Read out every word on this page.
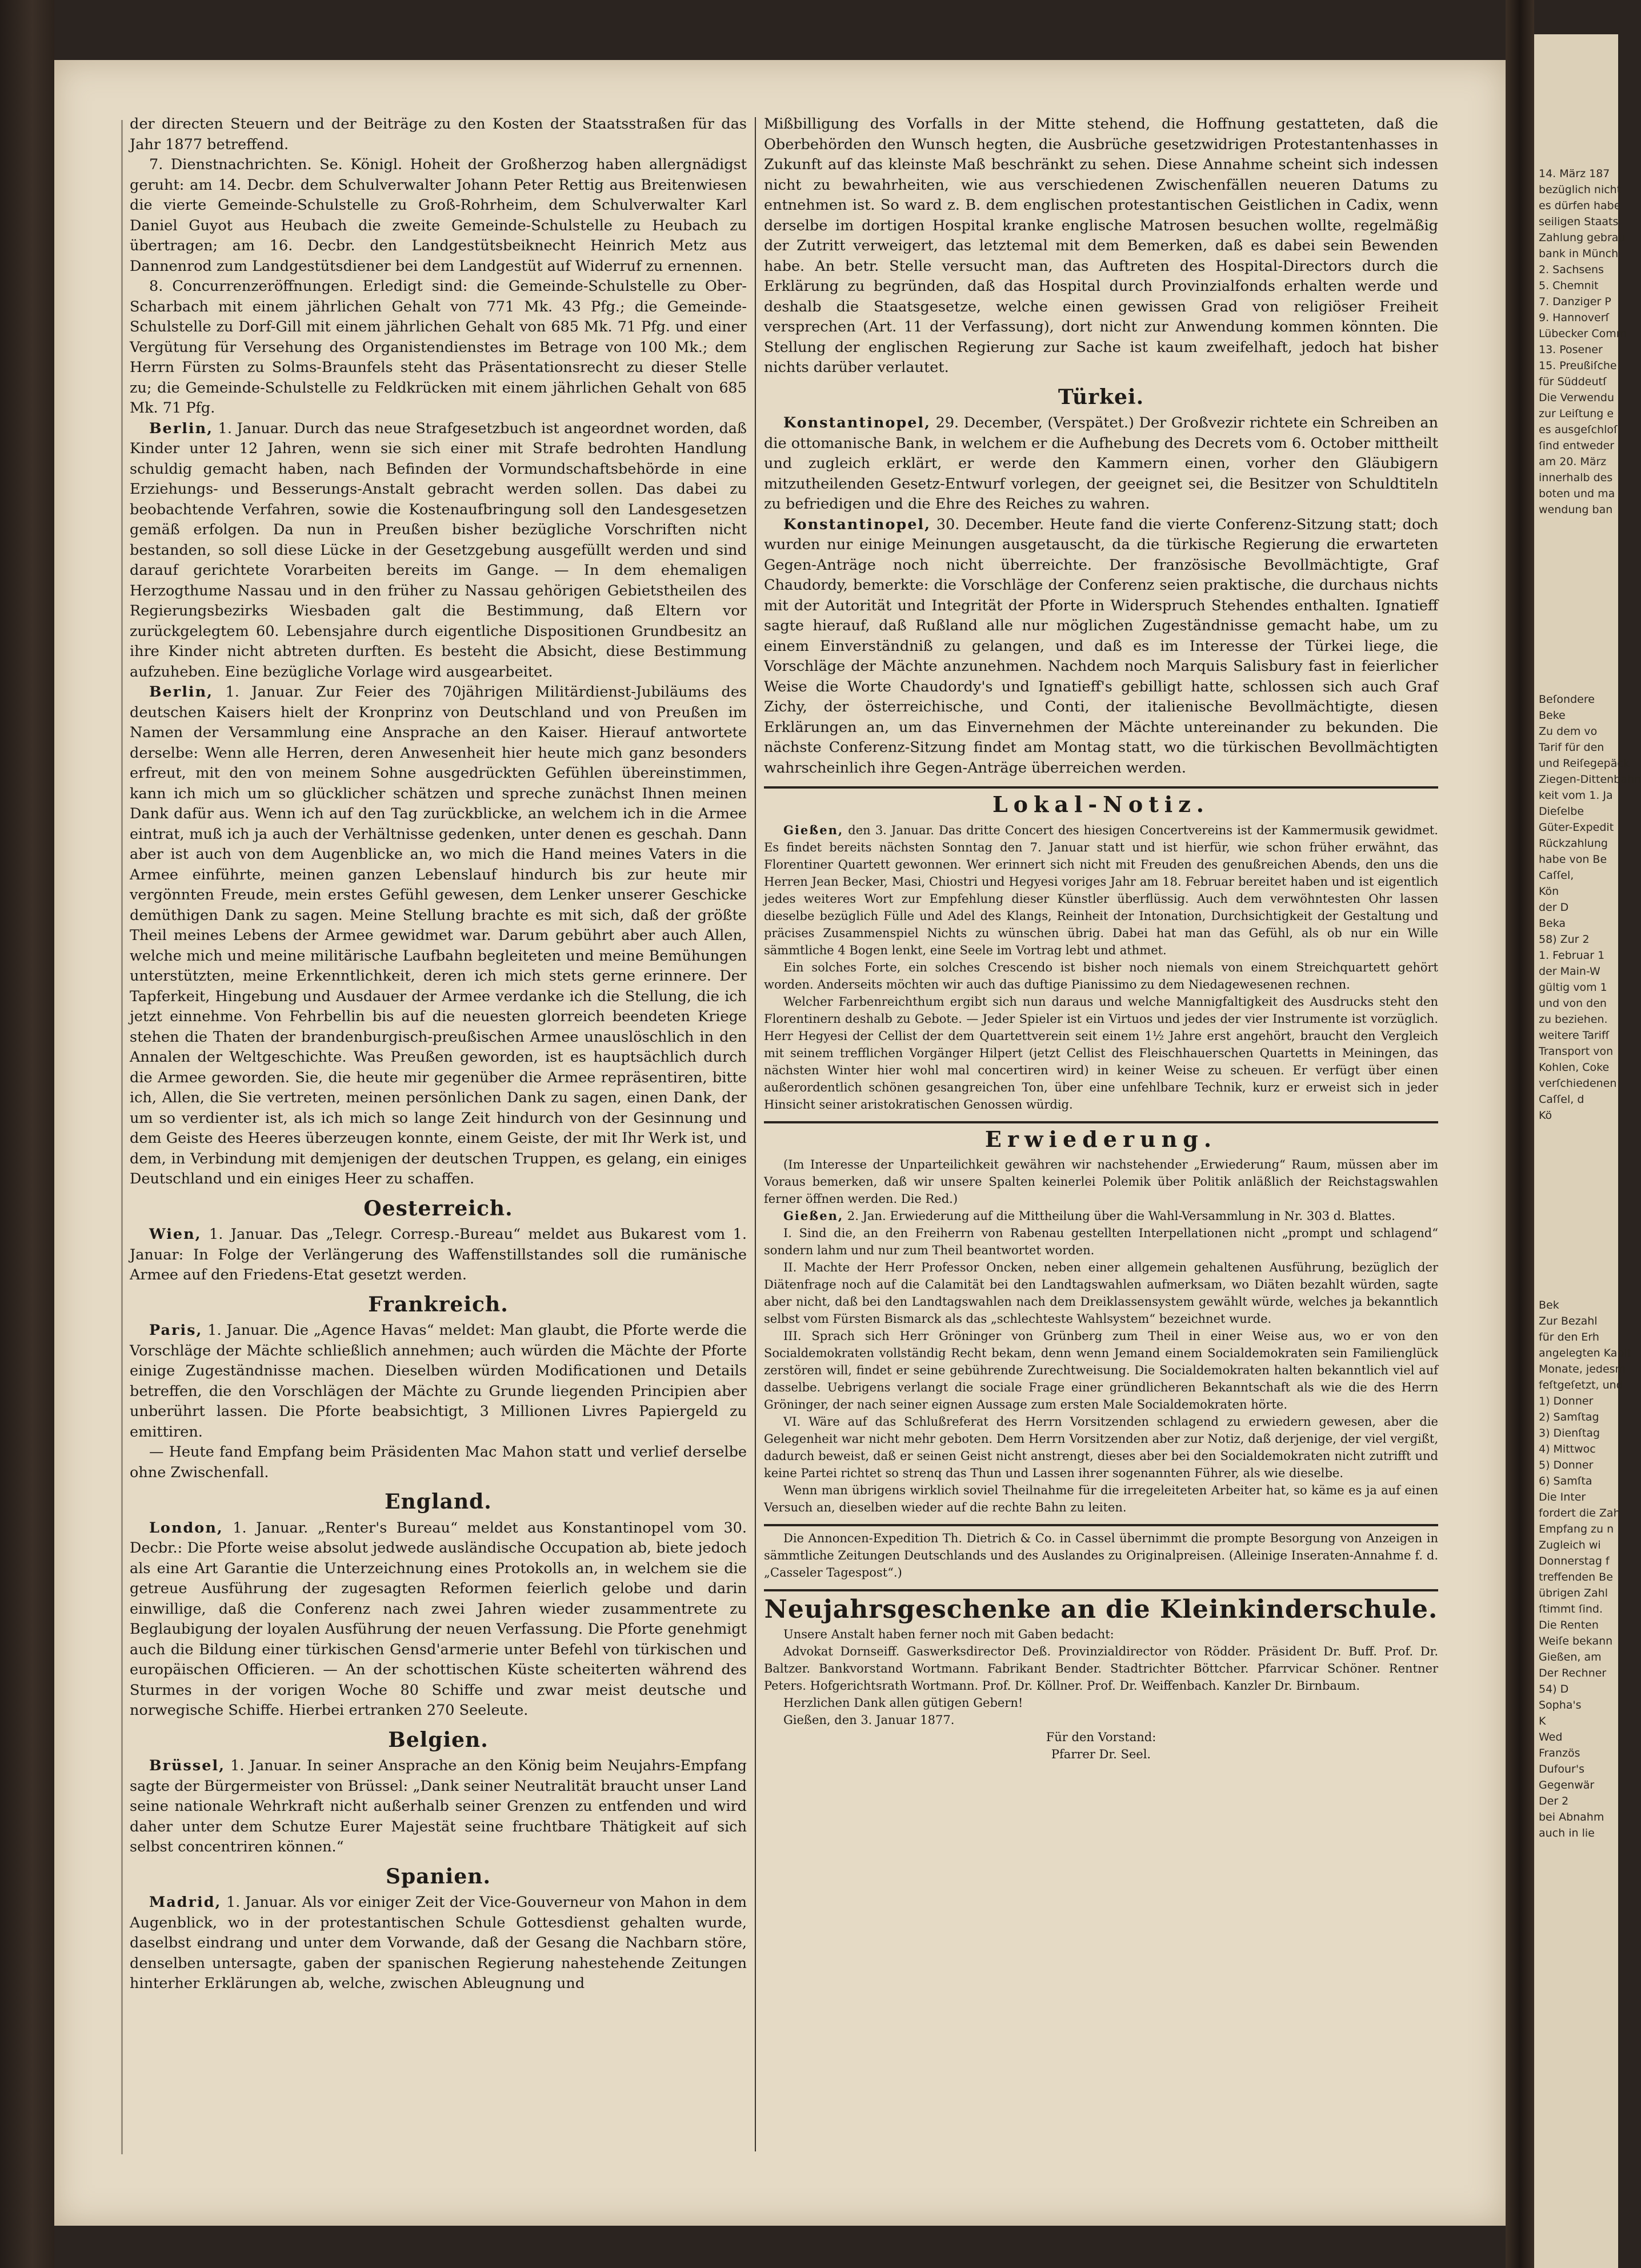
der directen Steuern und der Beiträge zu den Kosten der Staatsstraßen für das Jahr 1877 betreffend.

7. Dienstnachrichten. Se. Königl. Hoheit der Großherzog haben allergnädigst geruht: am 14. Decbr. dem Schulverwalter Johann Peter Rettig aus Breitenwiesen die vierte Gemeinde-Schulstelle zu Groß-Rohrheim, dem Schulverwalter Karl Daniel Guyot aus Heubach die zweite Gemeinde-Schulstelle zu Heubach zu übertragen; am 16. Decbr. den Landgestütsbeiknecht Heinrich Metz aus Dannenrod zum Landgestütsdiener bei dem Landgestüt auf Widerruf zu ernennen.

8. Concurrenzeröffnungen. Erledigt sind: die Gemeinde-Schulstelle zu Ober-Scharbach mit einem jährlichen Gehalt von 771 Mk. 43 Pfg.; die Gemeinde-Schulstelle zu Dorf-Gill mit einem jährlichen Gehalt von 685 Mk. 71 Pfg. und einer Vergütung für Versehung des Organistendienstes im Betrage von 100 Mk.; dem Herrn Fürsten zu Solms-Braunfels steht das Präsentationsrecht zu dieser Stelle zu; die Gemeinde-Schulstelle zu Feldkrücken mit einem jährlichen Gehalt von 685 Mk. 71 Pfg.

Berlin, 1. Januar. Durch das neue Strafgesetzbuch ist angeordnet worden, daß Kinder unter 12 Jahren, wenn sie sich einer mit Strafe bedrohten Handlung schuldig gemacht haben, nach Befinden der Vormundschaftsbehörde in eine Erziehungs- und Besserungs-Anstalt gebracht werden sollen. Das dabei zu beobachtende Verfahren, sowie die Kostenaufbringung soll den Landesgesetzen gemäß erfolgen. Da nun in Preußen bisher bezügliche Vorschriften nicht bestanden, so soll diese Lücke in der Gesetzgebung ausgefüllt werden und sind darauf gerichtete Vorarbeiten bereits im Gange. — In dem ehemaligen Herzogthume Nassau und in den früher zu Nassau gehörigen Gebietstheilen des Regierungsbezirks Wiesbaden galt die Bestimmung, daß Eltern vor zurückgelegtem 60. Lebensjahre durch eigentliche Dispositionen Grundbesitz an ihre Kinder nicht abtreten durften. Es besteht die Absicht, diese Bestimmung aufzuheben. Eine bezügliche Vorlage wird ausgearbeitet.

Berlin, 1. Januar. Zur Feier des 70jährigen Militärdienst-Jubiläums des deutschen Kaisers hielt der Kronprinz von Deutschland und von Preußen im Namen der Versammlung eine Ansprache an den Kaiser. Hierauf antwortete derselbe: Wenn alle Herren, deren Anwesenheit hier heute mich ganz besonders erfreut, mit den von meinem Sohne ausgedrückten Gefühlen übereinstimmen, kann ich mich um so glücklicher schätzen und spreche zunächst Ihnen meinen Dank dafür aus. Wenn ich auf den Tag zurückblicke, an welchem ich in die Armee eintrat, muß ich ja auch der Verhältnisse gedenken, unter denen es geschah. Dann aber ist auch von dem Augenblicke an, wo mich die Hand meines Vaters in die Armee einführte, meinen ganzen Lebenslauf hindurch bis zur heute mir vergönnten Freude, mein erstes Gefühl gewesen, dem Lenker unserer Geschicke demüthigen Dank zu sagen. Meine Stellung brachte es mit sich, daß der größte Theil meines Lebens der Armee gewidmet war. Darum gebührt aber auch Allen, welche mich und meine militärische Laufbahn begleiteten und meine Bemühungen unterstützten, meine Erkenntlichkeit, deren ich mich stets gerne erinnere. Der Tapferkeit, Hingebung und Ausdauer der Armee verdanke ich die Stellung, die ich jetzt einnehme. Von Fehrbellin bis auf die neuesten glorreich beendeten Kriege stehen die Thaten der brandenburgisch-preußischen Armee unauslöschlich in den Annalen der Weltgeschichte. Was Preußen geworden, ist es hauptsächlich durch die Armee geworden. Sie, die heute mir gegenüber die Armee repräsentiren, bitte ich, Allen, die Sie vertreten, meinen persönlichen Dank zu sagen, einen Dank, der um so verdienter ist, als ich mich so lange Zeit hindurch von der Gesinnung und dem Geiste des Heeres überzeugen konnte, einem Geiste, der mit Ihr Werk ist, und dem, in Verbindung mit demjenigen der deutschen Truppen, es gelang, ein einiges Deutschland und ein einiges Heer zu schaffen.

Oesterreich.

Wien, 1. Januar. Das „Telegr. Corresp.-Bureau“ meldet aus Bukarest vom 1. Januar: In Folge der Verlängerung des Waffenstillstandes soll die rumänische Armee auf den Friedens-Etat gesetzt werden.

Frankreich.

Paris, 1. Januar. Die „Agence Havas“ meldet: Man glaubt, die Pforte werde die Vorschläge der Mächte schließlich annehmen; auch würden die Mächte der Pforte einige Zugeständnisse machen. Dieselben würden Modificationen und Details betreffen, die den Vorschlägen der Mächte zu Grunde liegenden Principien aber unberührt lassen. Die Pforte beabsichtigt, 3 Millionen Livres Papiergeld zu emittiren.

— Heute fand Empfang beim Präsidenten Mac Mahon statt und verlief derselbe ohne Zwischenfall.

England.

London, 1. Januar. „Renter's Bureau“ meldet aus Konstantinopel vom 30. Decbr.: Die Pforte weise absolut jedwede ausländische Occupation ab, biete jedoch als eine Art Garantie die Unterzeichnung eines Protokolls an, in welchem sie die getreue Ausführung der zugesagten Reformen feierlich gelobe und darin einwillige, daß die Conferenz nach zwei Jahren wieder zusammentrete zu Beglaubigung der loyalen Ausführung der neuen Verfassung. Die Pforte genehmigt auch die Bildung einer türkischen Gensd'armerie unter Befehl von türkischen und europäischen Officieren. — An der schottischen Küste scheiterten während des Sturmes in der vorigen Woche 80 Schiffe und zwar meist deutsche und norwegische Schiffe. Hierbei ertranken 270 Seeleute.

Belgien.

Brüssel, 1. Januar. In seiner Ansprache an den König beim Neujahrs-Empfang sagte der Bürgermeister von Brüssel: „Dank seiner Neutralität braucht unser Land seine nationale Wehrkraft nicht außerhalb seiner Grenzen zu entfenden und wird daher unter dem Schutze Eurer Majestät seine fruchtbare Thätigkeit auf sich selbst concentriren können.“

Spanien.

Madrid, 1. Januar. Als vor einiger Zeit der Vice-Gouverneur von Mahon in dem Augenblick, wo in der protestantischen Schule Gottesdienst gehalten wurde, daselbst eindrang und unter dem Vorwande, daß der Gesang die Nachbarn störe, denselben untersagte, gaben der spanischen Regierung nahestehende Zeitungen hinterher Erklärungen ab, welche, zwischen Ableugnung und

Mißbilligung des Vorfalls in der Mitte stehend, die Hoffnung gestatteten, daß die Oberbehörden den Wunsch hegten, die Ausbrüche gesetzwidrigen Protestantenhasses in Zukunft auf das kleinste Maß beschränkt zu sehen. Diese Annahme scheint sich indessen nicht zu bewahrheiten, wie aus verschiedenen Zwischenfällen neueren Datums zu entnehmen ist. So ward z. B. dem englischen protestantischen Geistlichen in Cadix, wenn derselbe im dortigen Hospital kranke englische Matrosen besuchen wollte, regelmäßig der Zutritt verweigert, das letztemal mit dem Bemerken, daß es dabei sein Bewenden habe. An betr. Stelle versucht man, das Auftreten des Hospital-Directors durch die Erklärung zu begründen, daß das Hospital durch Provinzialfonds erhalten werde und deshalb die Staatsgesetze, welche einen gewissen Grad von religiöser Freiheit versprechen (Art. 11 der Verfassung), dort nicht zur Anwendung kommen könnten. Die Stellung der englischen Regierung zur Sache ist kaum zweifelhaft, jedoch hat bisher nichts darüber verlautet.

Türkei.

Konstantinopel, 29. December, (Verspätet.) Der Großvezir richtete ein Schreiben an die ottomanische Bank, in welchem er die Aufhebung des Decrets vom 6. October mittheilt und zugleich erklärt, er werde den Kammern einen, vorher den Gläubigern mitzutheilenden Gesetz-Entwurf vorlegen, der geeignet sei, die Besitzer von Schuldtiteln zu befriedigen und die Ehre des Reiches zu wahren.

Konstantinopel, 30. December. Heute fand die vierte Conferenz-Sitzung statt; doch wurden nur einige Meinungen ausgetauscht, da die türkische Regierung die erwarteten Gegen-Anträge noch nicht überreichte. Der französische Bevollmächtigte, Graf Chaudordy, bemerkte: die Vorschläge der Conferenz seien praktische, die durchaus nichts mit der Autorität und Integrität der Pforte in Widerspruch Stehendes enthalten. Ignatieff sagte hierauf, daß Rußland alle nur möglichen Zugeständnisse gemacht habe, um zu einem Einverständniß zu gelangen, und daß es im Interesse der Türkei liege, die Vorschläge der Mächte anzunehmen. Nachdem noch Marquis Salisbury fast in feierlicher Weise die Worte Chaudordy's und Ignatieff's gebilligt hatte, schlossen sich auch Graf Zichy, der österreichische, und Conti, der italienische Bevollmächtigte, diesen Erklärungen an, um das Einvernehmen der Mächte untereinander zu bekunden. Die nächste Conferenz-Sitzung findet am Montag statt, wo die türkischen Bevollmächtigten wahrscheinlich ihre Gegen-Anträge überreichen werden.

Lokal-Notiz.

Gießen, den 3. Januar. Das dritte Concert des hiesigen Concertvereins ist der Kammermusik gewidmet. Es findet bereits nächsten Sonntag den 7. Januar statt und ist hierfür, wie schon früher erwähnt, das Florentiner Quartett gewonnen. Wer erinnert sich nicht mit Freuden des genußreichen Abends, den uns die Herren Jean Becker, Masi, Chiostri und Hegyesi voriges Jahr am 18. Februar bereitet haben und ist eigentlich jedes weiteres Wort zur Empfehlung dieser Künstler überflüssig. Auch dem verwöhntesten Ohr lassen dieselbe bezüglich Fülle und Adel des Klangs, Reinheit der Intonation, Durchsichtigkeit der Gestaltung und präcises Zusammenspiel Nichts zu wünschen übrig. Dabei hat man das Gefühl, als ob nur ein Wille sämmtliche 4 Bogen lenkt, eine Seele im Vortrag lebt und athmet.

Ein solches Forte, ein solches Crescendo ist bisher noch niemals von einem Streichquartett gehört worden. Anderseits möchten wir auch das duftige Pianissimo zu dem Niedagewesenen rechnen.

Welcher Farbenreichthum ergibt sich nun daraus und welche Mannigfaltigkeit des Ausdrucks steht den Florentinern deshalb zu Gebote. — Jeder Spieler ist ein Virtuos und jedes der vier Instrumente ist vorzüglich. Herr Hegyesi der Cellist der dem Quartettverein seit einem 1½ Jahre erst angehört, braucht den Vergleich mit seinem trefflichen Vorgänger Hilpert (jetzt Cellist des Fleischhauerschen Quartetts in Meiningen, das nächsten Winter hier wohl mal concertiren wird) in keiner Weise zu scheuen. Er verfügt über einen außerordentlich schönen gesangreichen Ton, über eine unfehlbare Technik, kurz er erweist sich in jeder Hinsicht seiner aristokratischen Genossen würdig.

Erwiederung.

(Im Interesse der Unparteilichkeit gewähren wir nachstehender „Erwiederung“ Raum, müssen aber im Voraus bemerken, daß wir unsere Spalten keinerlei Polemik über Politik anläßlich der Reichstagswahlen ferner öffnen werden. Die Red.)

Gießen, 2. Jan. Erwiederung auf die Mittheilung über die Wahl-Versammlung in Nr. 303 d. Blattes.

I. Sind die, an den Freiherrn von Rabenau gestellten Interpellationen nicht „prompt und schlagend“ sondern lahm und nur zum Theil beantwortet worden.

II. Machte der Herr Professor Oncken, neben einer allgemein gehaltenen Ausführung, bezüglich der Diätenfrage noch auf die Calamität bei den Landtagswahlen aufmerksam, wo Diäten bezahlt würden, sagte aber nicht, daß bei den Landtagswahlen nach dem Dreiklassensystem gewählt würde, welches ja bekanntlich selbst vom Fürsten Bismarck als das „schlechteste Wahlsystem“ bezeichnet wurde.

III. Sprach sich Herr Gröninger von Grünberg zum Theil in einer Weise aus, wo er von den Socialdemokraten vollständig Recht bekam, denn wenn Jemand einem Socialdemokraten sein Familienglück zerstören will, findet er seine gebührende Zurechtweisung. Die Socialdemokraten halten bekanntlich viel auf dasselbe. Uebrigens verlangt die sociale Frage einer gründlicheren Bekanntschaft als wie die des Herrn Gröninger, der nach seiner eignen Aussage zum ersten Male Socialdemokraten hörte.

VI. Wäre auf das Schlußreferat des Herrn Vorsitzenden schlagend zu erwiedern gewesen, aber die Gelegenheit war nicht mehr geboten. Dem Herrn Vorsitzenden aber zur Notiz, daß derjenige, der viel vergißt, dadurch beweist, daß er seinen Geist nicht anstrengt, dieses aber bei den Socialdemokraten nicht zutrifft und keine Partei richtet so strenq das Thun und Lassen ihrer sogenannten Führer, als wie dieselbe.

Wenn man übrigens wirklich soviel Theilnahme für die irregeleiteten Arbeiter hat, so käme es ja auf einen Versuch an, dieselben wieder auf die rechte Bahn zu leiten.

Die Annoncen-Expedition Th. Dietrich & Co. in Cassel übernimmt die prompte Besorgung von Anzeigen in sämmtliche Zeitungen Deutschlands und des Auslandes zu Originalpreisen. (Alleinige Inseraten-Annahme f. d. „Casseler Tagespost“.)

Neujahrsgeschenke an die Kleinkinderschule.

Unsere Anstalt haben ferner noch mit Gaben bedacht:

Advokat Dornseiff. Gaswerksdirector Deß. Provinzialdirector von Rödder. Präsident Dr. Buff. Prof. Dr. Baltzer. Bankvorstand Wortmann. Fabrikant Bender. Stadtrichter Böttcher. Pfarrvicar Schöner. Rentner Peters. Hofgerichtsrath Wortmann. Prof. Dr. Köllner. Prof. Dr. Weiffenbach. Kanzler Dr. Birnbaum.

Herzlichen Dank allen gütigen Gebern!

Gießen, den 3. Januar 1877.

Für den Vorstand:

Pfarrer Dr. Seel.

14. März 187
bezüglich nicht
es dürfen habe
seiligen Staats
Zahlung gebrau
bank in Münch
2. Sachsens
5. Chemnit
7. Danziger P
9. Hannoverſ
Lübecker Comm
13. Posener
15. Preußiſche
für Süddeutſ
Die Verwendu
zur Leiſtung e
es ausgeſchloſ
ſind entweder
am 20. März
innerhalb des
boten und ma
wendung ban
Beſondere
Beke
Zu dem vo
Tarif für den
und Reiſegepäck
Ziegen-Dittenbahn
keit vom 1. Ja
Dieſelbe
Güter-Expedit
Rückzahlung
habe von Be
Caſſel,
Kön
der D
Beka
58) Zur 2
1. Februar 1
der Main-W
gültig vom 1
und von den
zu beziehen.
weitere Tarifſ
Transport von
Kohlen, Coke
verſchiedenen
Caſſel, d
Kö
Bek
Zur Bezahl
für den Erh
angelegten Kapit
Monate, jedesm
feſtgeſetzt, und
1) Donner
2) Samſtag
3) Dienſtag
4) Mittwoc
5) Donner
6) Samſta
Die Inter
fordert die Zah
Empfang zu n
Zugleich wi
Donnerstag f
treffenden Be
übrigen Zahl
ſtimmt ſind.
Die Renten
Weiſe bekann
Gießen, am
Der Rechner
54) D
Sopha's
K
Wed
Französ
Dufour's
Gegenwär
Der 2
bei Abnahm
auch in lie
